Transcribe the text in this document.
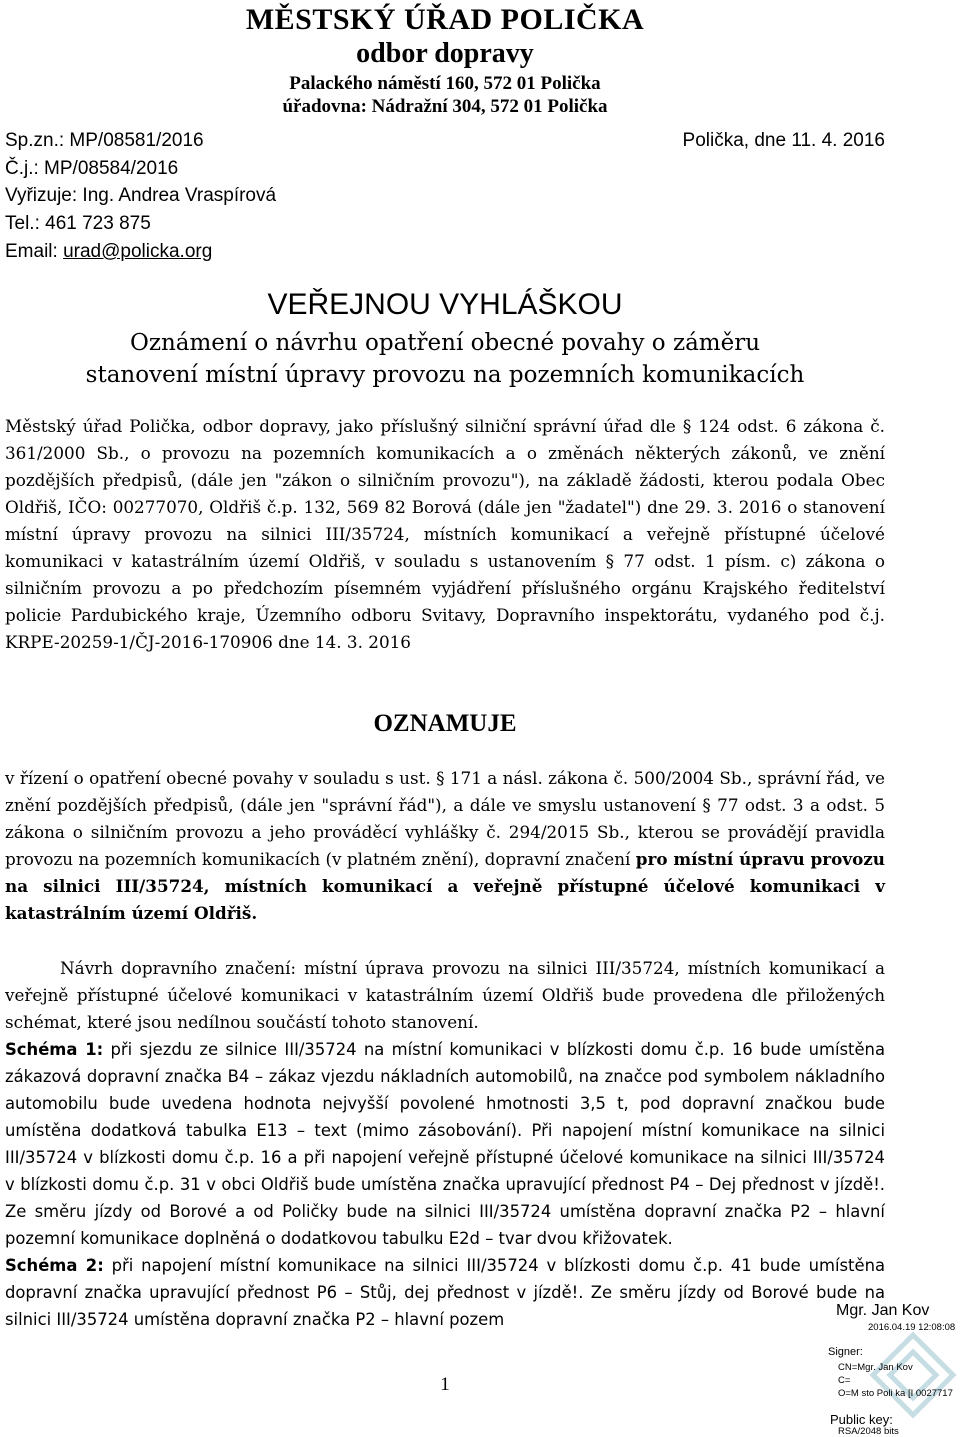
MĚSTSKÝ ÚŘAD POLIČKA
odbor dopravy
Palackého náměstí 160, 572 01 Polička
úřadovna: Nádražní 304, 572 01 Polička
Sp.zn.: MP/08581/2016	Polička, dne 11. 4. 2016
Č.j.: MP/08584/2016
Vyřizuje: Ing. Andrea Vraspírová
Tel.: 461 723 875
Email: urad@policka.org
VEŘEJNOU VYHLÁŠKOU
Oznámení o návrhu opatření obecné povahy o záměru
stanovení místní úpravy provozu na pozemních komunikacích

Městský úřad Polička, odbor dopravy, jako příslušný silniční správní úřad dle § 124 odst. 6 zákona č. 361/2000 Sb., o provozu na pozemních komunikacích a o změnách některých zákonů, ve znění pozdějších předpisů, (dále jen "zákon o silničním provozu"), na základě žádosti, kterou podala Obec Oldřiš, IČO: 00277070, Oldřiš č.p. 132, 569 82 Borová (dále jen "žadatel") dne 29. 3. 2016 o stanovení místní úpravy provozu na silnici III/35724, místních komunikací a veřejně přístupné účelové komunikaci v katastrálním území Oldřiš, v souladu s ustanovením § 77 odst. 1 písm. c) zákona o silničním provozu a po předchozím písemném vyjádření příslušného orgánu Krajského ředitelství policie Pardubického kraje, Územního odboru Svitavy, Dopravního inspektorátu, vydaného pod č.j. KRPE-20259-1/ČJ-2016-170906 dne 14. 3. 2016

OZNAMUJE

v řízení o opatření obecné povahy v souladu s ust. § 171 a násl. zákona č. 500/2004 Sb., správní řád, ve znění pozdějších předpisů, (dále jen "správní řád"), a dále ve smyslu ustanovení § 77 odst. 3 a odst. 5 zákona o silničním provozu a jeho prováděcí vyhlášky č. 294/2015 Sb., kterou se provádějí pravidla provozu na pozemních komunikacích (v platném znění), dopravní značení pro místní úpravu provozu na silnici III/35724, místních komunikací a veřejně přístupné účelové komunikaci v katastrálním území Oldřiš.

Návrh dopravního značení: místní úprava provozu na silnici III/35724, místních komunikací a veřejně přístupné účelové komunikaci v katastrálním území Oldřiš bude provedena dle přiložených schémat, které jsou nedílnou součástí tohoto stanovení.

Schéma 1: při sjezdu ze silnice III/35724 na místní komunikaci v blízkosti domu č.p. 16 bude umístěna zákazová dopravní značka B4 – zákaz vjezdu nákladních automobilů, na značce pod symbolem nákladního automobilu bude uvedena hodnota nejvyšší povolené hmotnosti 3,5 t, pod dopravní značkou bude umístěna dodatková tabulka E13 – text (mimo zásobování). Při napojení místní komunikace na silnici III/35724 v blízkosti domu č.p. 16 a při napojení veřejně přístupné účelové komunikace na silnici III/35724 v blízkosti domu č.p. 31 v obci Oldřiš bude umístěna značka upravující přednost P4 – Dej přednost v jízdě!. Ze směru jízdy od Borové a od Poličky bude na silnici III/35724 umístěna dopravní značka P2 – hlavní pozemní komunikace doplněná o dodatkovou tabulku E2d – tvar dvou křižovatek.

Schéma 2: při napojení místní komunikace na silnici III/35724 v blízkosti domu č.p. 41 bude umístěna dopravní značka upravující přednost P6 – Stůj, dej přednost v jízdě!. Ze směru jízdy od Borové bude na silnici III/35724 umístěna dopravní značka P2 – hlavní pozem

1
Mgr. Jan Kov
2016.04.19 12:08:08
Signer:
CN=Mgr. Jan Kov
C=
O=M sto Poli ka [I 0027717
Public key:
RSA/2048 bits
